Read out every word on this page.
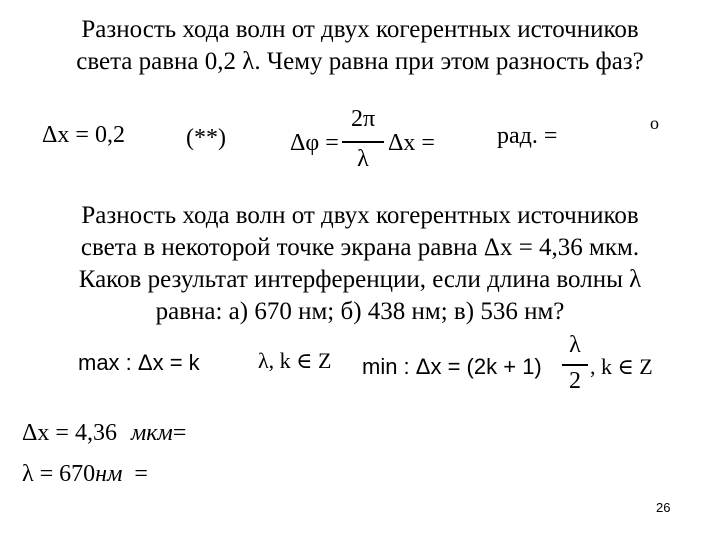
Разность хода волн от двух когерентных источников
света равна 0,2 λ. Чему равна при этом разность фаз?
Δx = 0,2	(**)	Δφ =
2π
λ
Δx =	рад. =	о
Разность хода волн от двух когерентных источников
света в некоторой точке экрана равна Δx = 4,36 мкм.
Каков результат интерференции, если длина волны λ
равна: а) 670 нм; б) 438 нм; в) 536 нм?
max : Δx = k	λ, k ∈ Z min : Δx = (2k + 1)
λ
2
, k ∈ Z
Δx = 4,36 мкм=
λ = 670нм =
26
